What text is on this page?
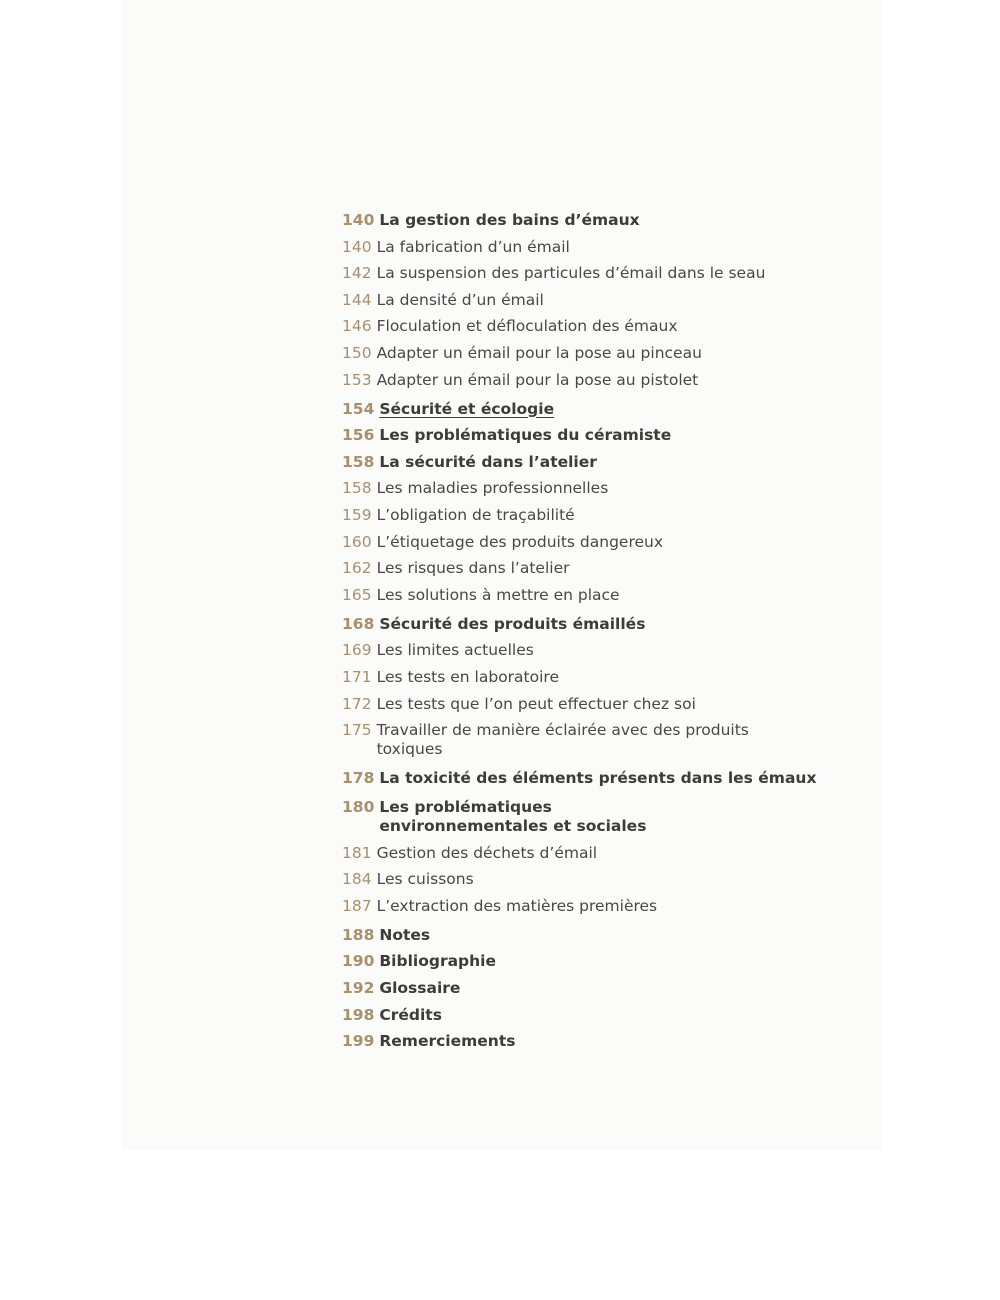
140 La gestion des bains d’émaux
140 La fabrication d’un émail
142 La suspension des particules d’émail dans le seau
144 La densité d’un émail
146 Floculation et défloculation des émaux
150 Adapter un émail pour la pose au pinceau
153 Adapter un émail pour la pose au pistolet
154 Sécurité et écologie
156 Les problématiques du céramiste
158 La sécurité dans l’atelier
158 Les maladies professionnelles
159 L’obligation de traçabilité
160 L’étiquetage des produits dangereux
162 Les risques dans l’atelier
165 Les solutions à mettre en place
168 Sécurité des produits émaillés
169 Les limites actuelles
171 Les tests en laboratoire
172 Les tests que l’on peut effectuer chez soi
175 Travailler de manière éclairée avec des produits toxiques
178 La toxicité des éléments présents dans les émaux
180 Les problématiques environnementales et sociales
181 Gestion des déchets d’émail
184 Les cuissons
187 L’extraction des matières premières
188 Notes
190 Bibliographie
192 Glossaire
198 Crédits
199 Remerciements
